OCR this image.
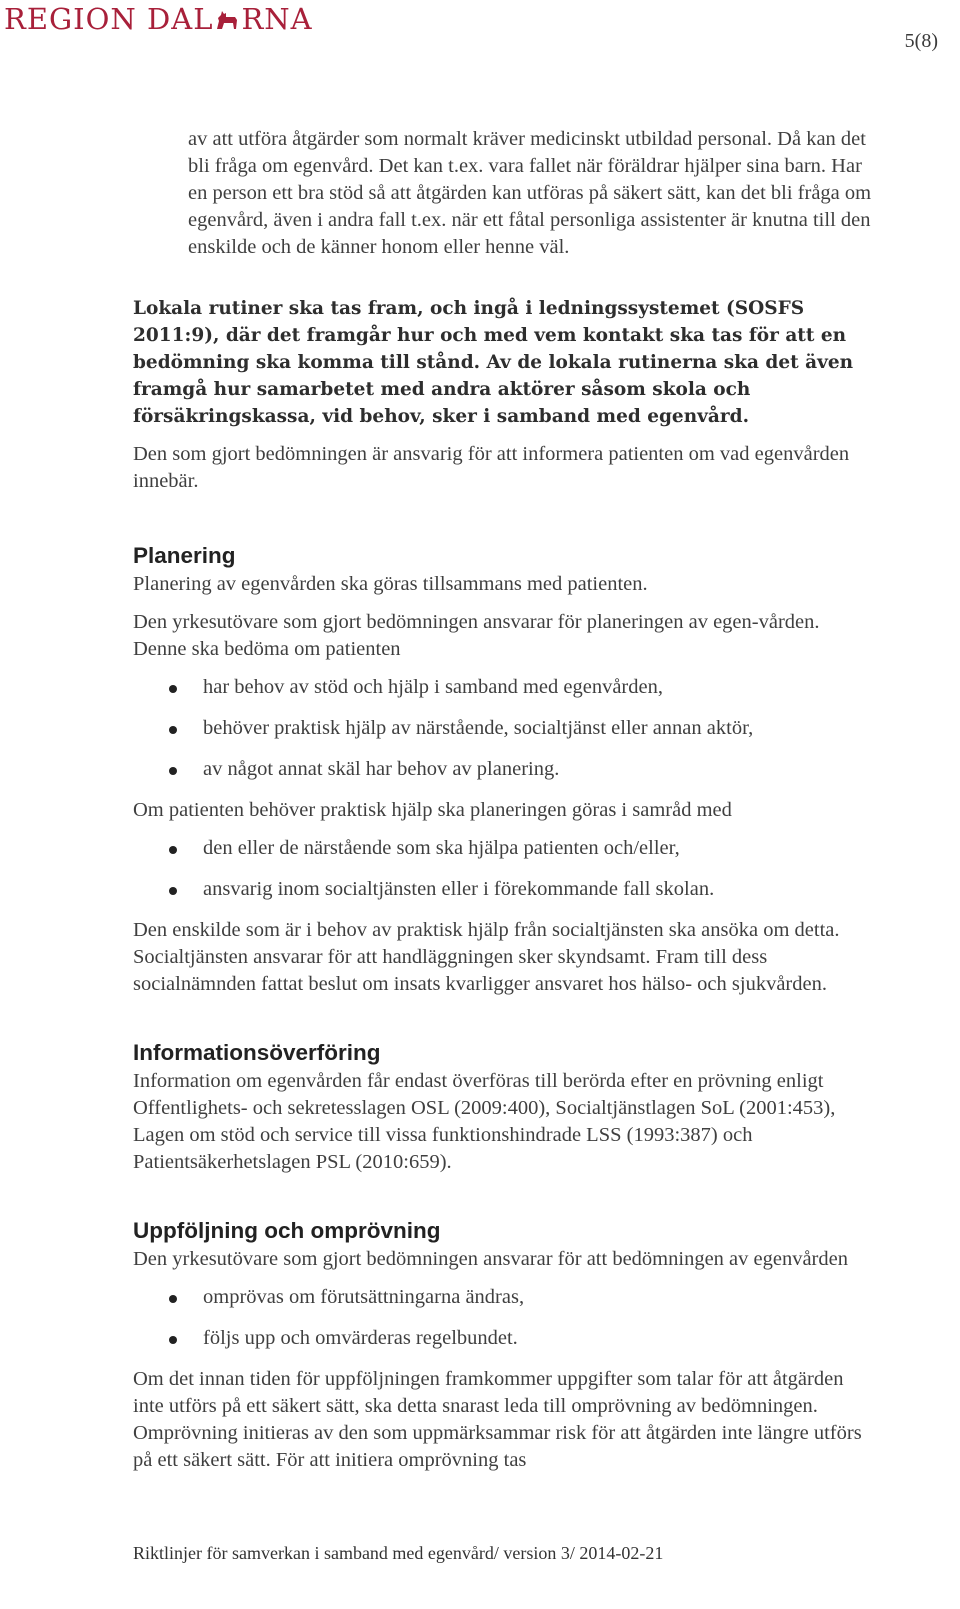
REGION DAL RNA
5(8)

av att utföra åtgärder som normalt kräver medicinskt utbildad personal. Då kan det bli fråga om egenvård. Det kan t.ex. vara fallet när föräldrar hjälper sina barn. Har en person ett bra stöd så att åtgärden kan utföras på säkert sätt, kan det bli fråga om egenvård, även i andra fall t.ex. när ett fåtal personliga assistenter är knutna till den enskilde och de känner honom eller henne väl.

Lokala rutiner ska tas fram, och ingå i ledningssystemet (SOSFS 2011:9), där det framgår hur och med vem kontakt ska tas för att en bedömning ska komma till stånd. Av de lokala rutinerna ska det även framgå hur samarbetet med andra aktörer såsom skola och försäkringskassa, vid behov, sker i samband med egenvård.

Den som gjort bedömningen är ansvarig för att informera patienten om vad egenvården innebär.

Planering

Planering av egenvården ska göras tillsammans med patienten.

Den yrkesutövare som gjort bedömningen ansvarar för planeringen av egen-vården. Denne ska bedöma om patienten

har behov av stöd och hjälp i samband med egenvården,
behöver praktisk hjälp av närstående, socialtjänst eller annan aktör,
av något annat skäl har behov av planering.

Om patienten behöver praktisk hjälp ska planeringen göras i samråd med

den eller de närstående som ska hjälpa patienten och/eller,
ansvarig inom socialtjänsten eller i förekommande fall skolan.

Den enskilde som är i behov av praktisk hjälp från socialtjänsten ska ansöka om detta. Socialtjänsten ansvarar för att handläggningen sker skyndsamt. Fram till dess socialnämnden fattat beslut om insats kvarligger ansvaret hos hälso- och sjukvården.

Informationsöverföring

Information om egenvården får endast överföras till berörda efter en prövning enligt Offentlighets- och sekretesslagen OSL (2009:400), Socialtjänstlagen SoL (2001:453), Lagen om stöd och service till vissa funktionshindrade LSS (1993:387) och Patientsäkerhetslagen PSL (2010:659).

Uppföljning och omprövning

Den yrkesutövare som gjort bedömningen ansvarar för att bedömningen av egenvården

omprövas om förutsättningarna ändras,
följs upp och omvärderas regelbundet.

Om det innan tiden för uppföljningen framkommer uppgifter som talar för att åtgärden inte utförs på ett säkert sätt, ska detta snarast leda till omprövning av bedömningen. Omprövning initieras av den som uppmärksammar risk för att åtgärden inte längre utförs på ett säkert sätt. För att initiera omprövning tas

Riktlinjer för samverkan i samband med egenvård/ version 3/ 2014-02-21
